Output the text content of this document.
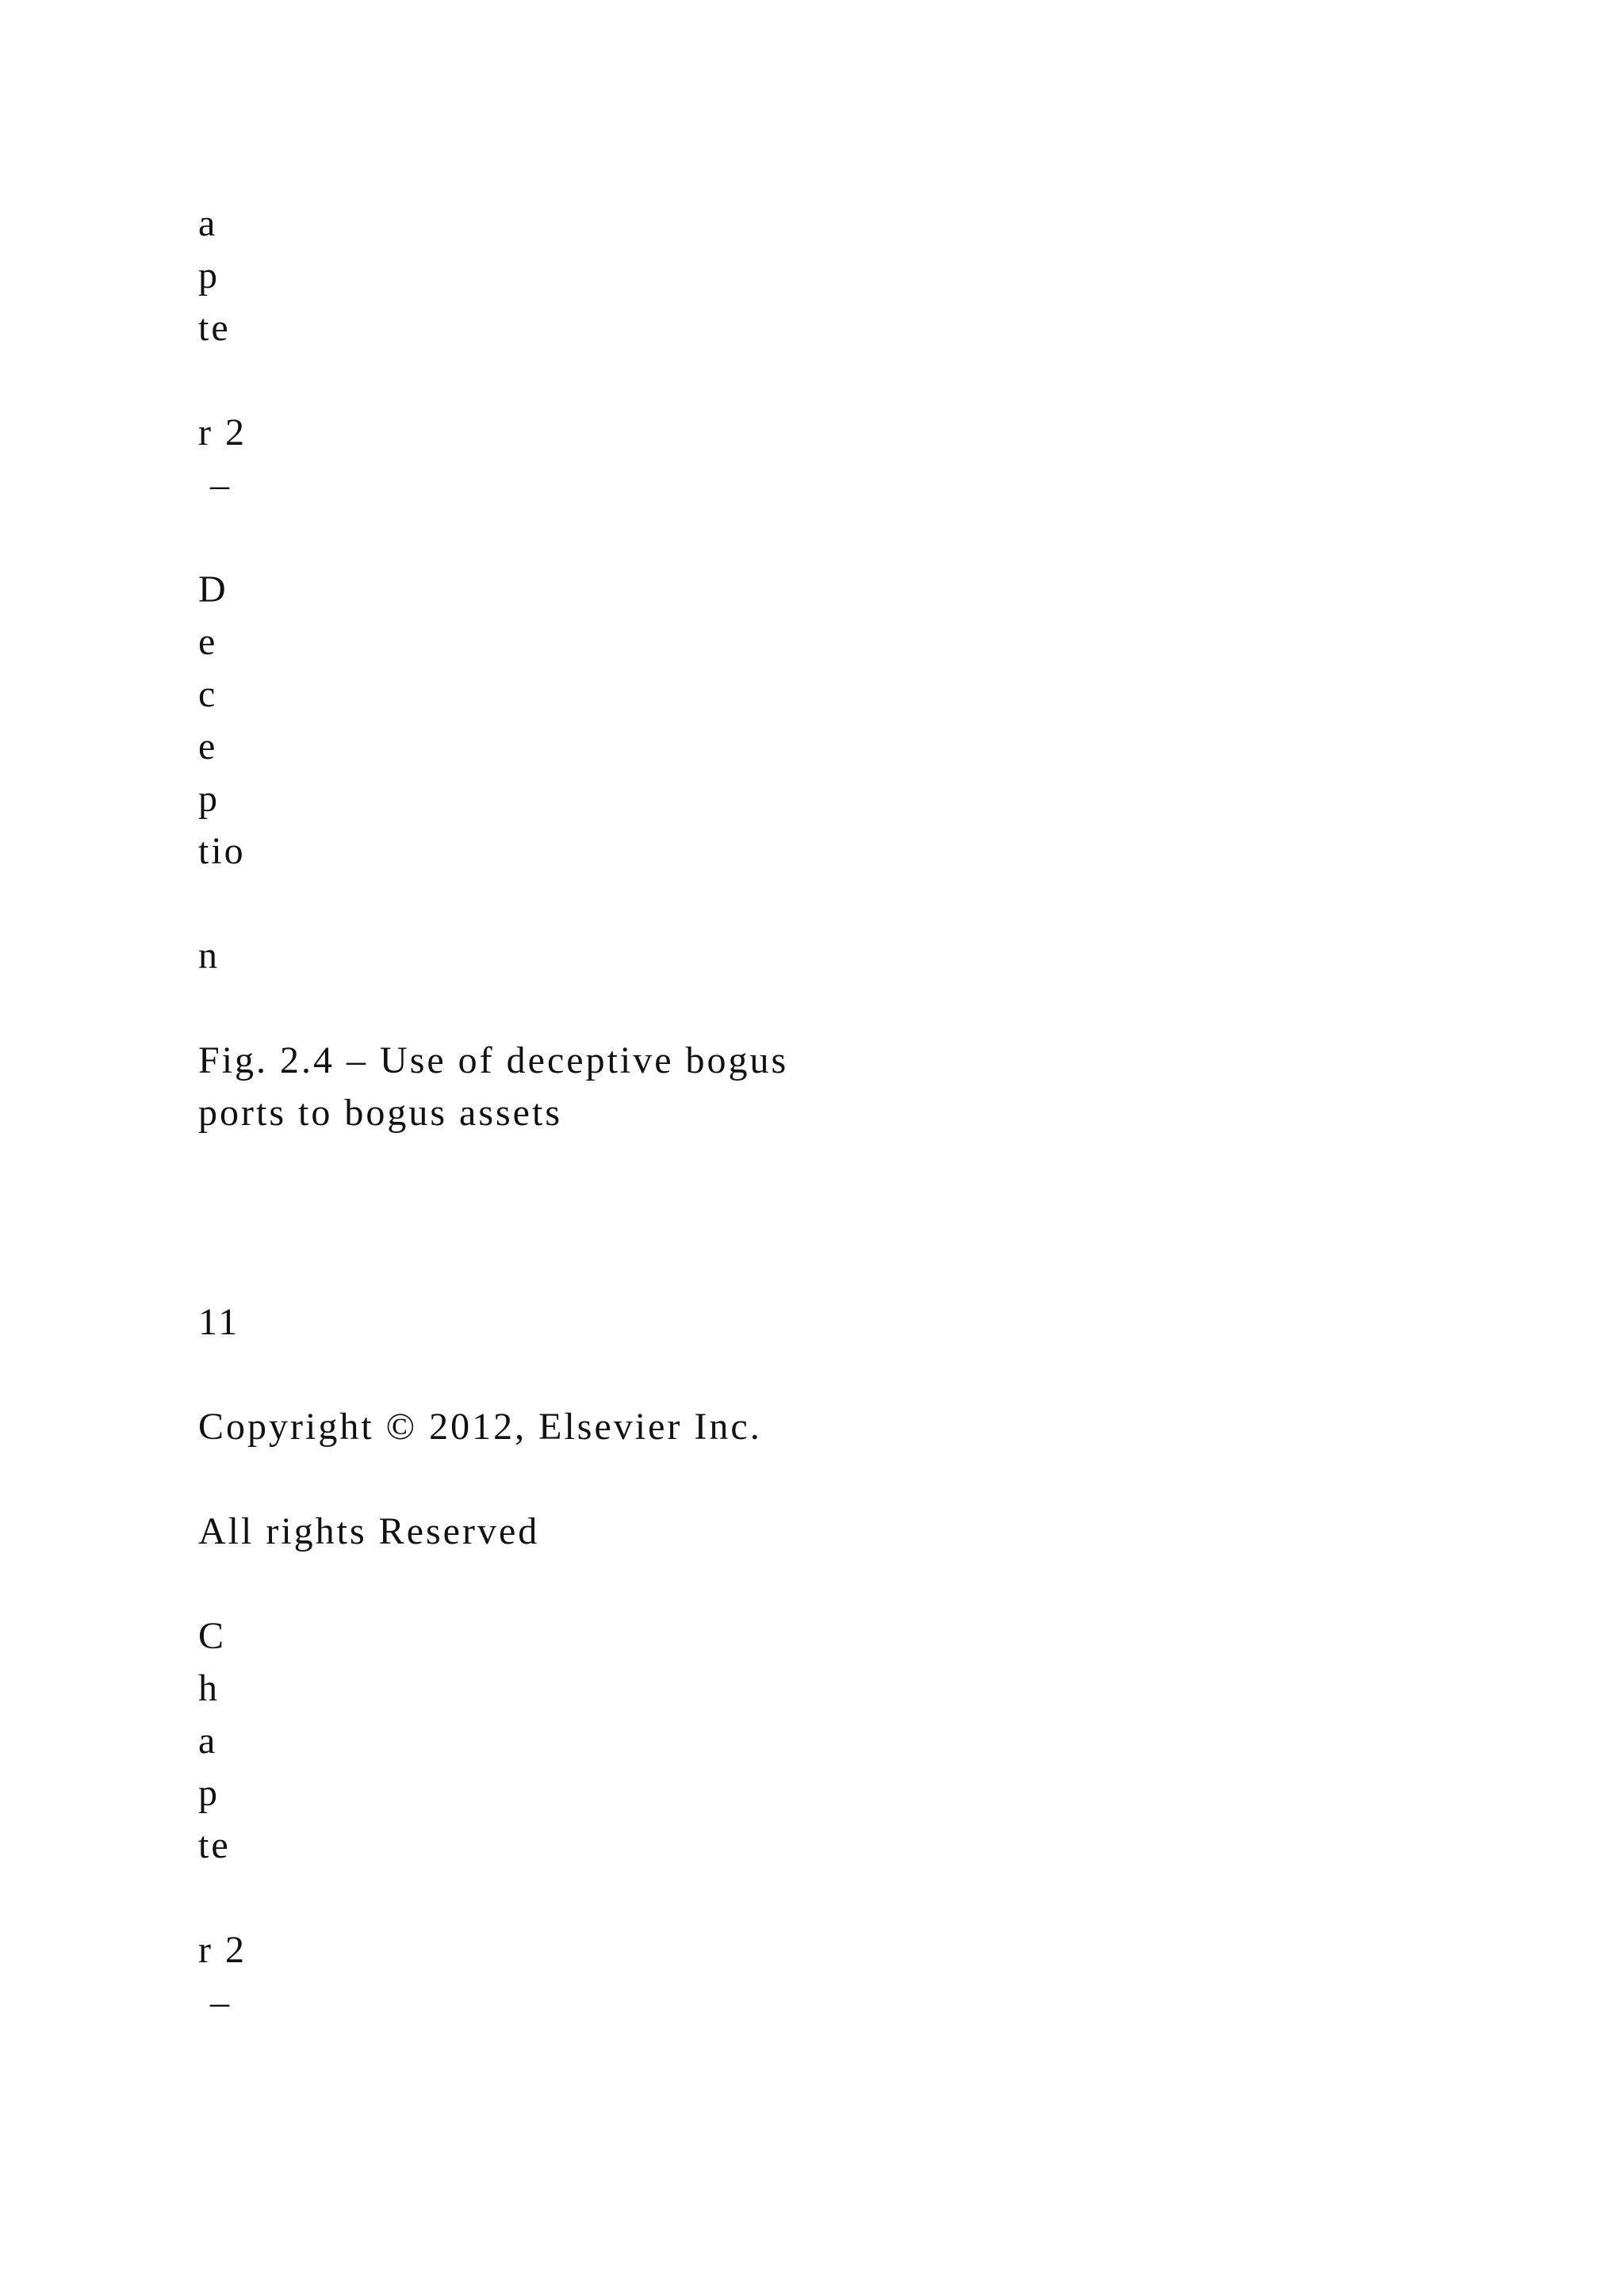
a

p

te

r 2

–

D

e

c

e

p

tio

n

Fig. 2.4 – Use of deceptive bogus

ports to bogus assets

11

Copyright © 2012, Elsevier Inc.

All rights Reserved

C

h

a

p

te

r 2

–
